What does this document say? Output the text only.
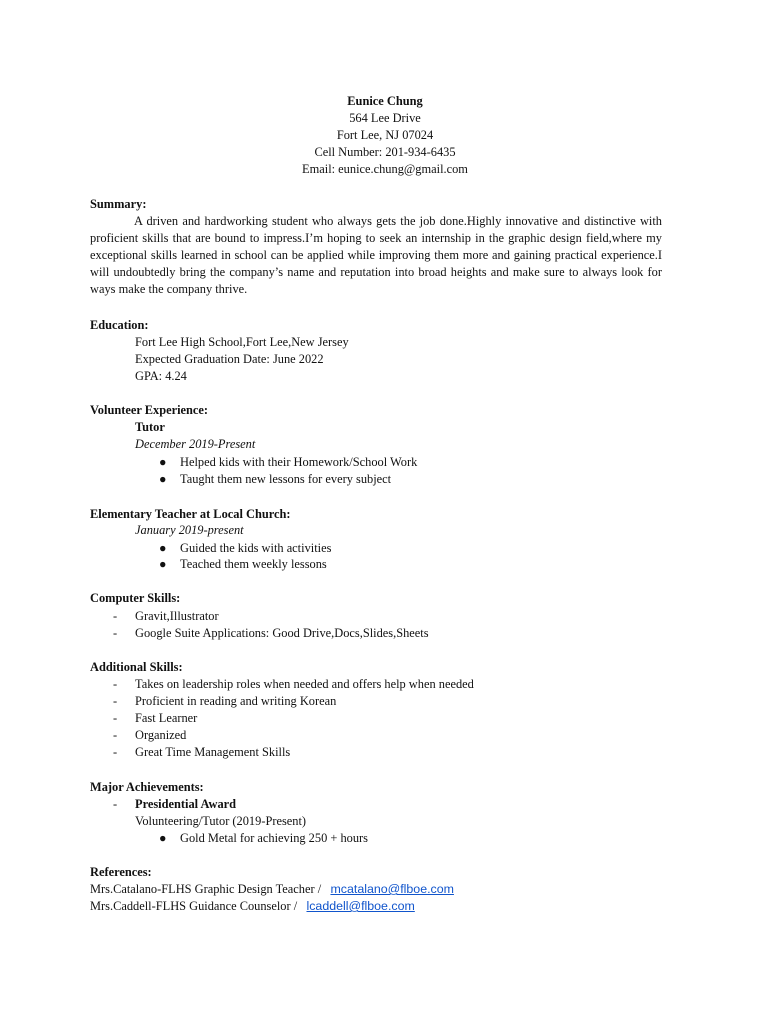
Eunice Chung
564 Lee Drive
Fort Lee, NJ 07024
Cell Number: 201-934-6435
Email: eunice.chung@gmail.com
Summary:
A driven and hardworking student who always gets the job done.Highly innovative and distinctive with proficient skills that are bound to impress.I’m hoping to seek an internship in the graphic design field,where my exceptional skills learned in school can be applied while improving them more and gaining practical experience.I will undoubtedly bring the company’s name and reputation into broad heights and make sure to always look for ways make the company thrive.
Education:
Fort Lee High School,Fort Lee,New Jersey
Expected Graduation Date: June 2022
GPA: 4.24
Volunteer Experience:
Tutor
December 2019-Present
● Helped kids with their Homework/School Work
● Taught them new lessons for every subject
Elementary Teacher at Local Church:
January 2019-present
● Guided the kids with activities
● Teached them weekly lessons
Computer Skills:
- Gravit,Illustrator
- Google Suite Applications: Good Drive,Docs,Slides,Sheets
Additional Skills:
- Takes on leadership roles when needed and offers help when needed
- Proficient in reading and writing Korean
- Fast Learner
- Organized
- Great Time Management Skills
Major Achievements:
- Presidential Award
Volunteering/Tutor (2019-Present)
● Gold Metal for achieving 250 + hours
References:
Mrs.Catalano-FLHS Graphic Design Teacher / mcatalano@flboe.com
Mrs.Caddell-FLHS Guidance Counselor / lcaddell@flboe.com
